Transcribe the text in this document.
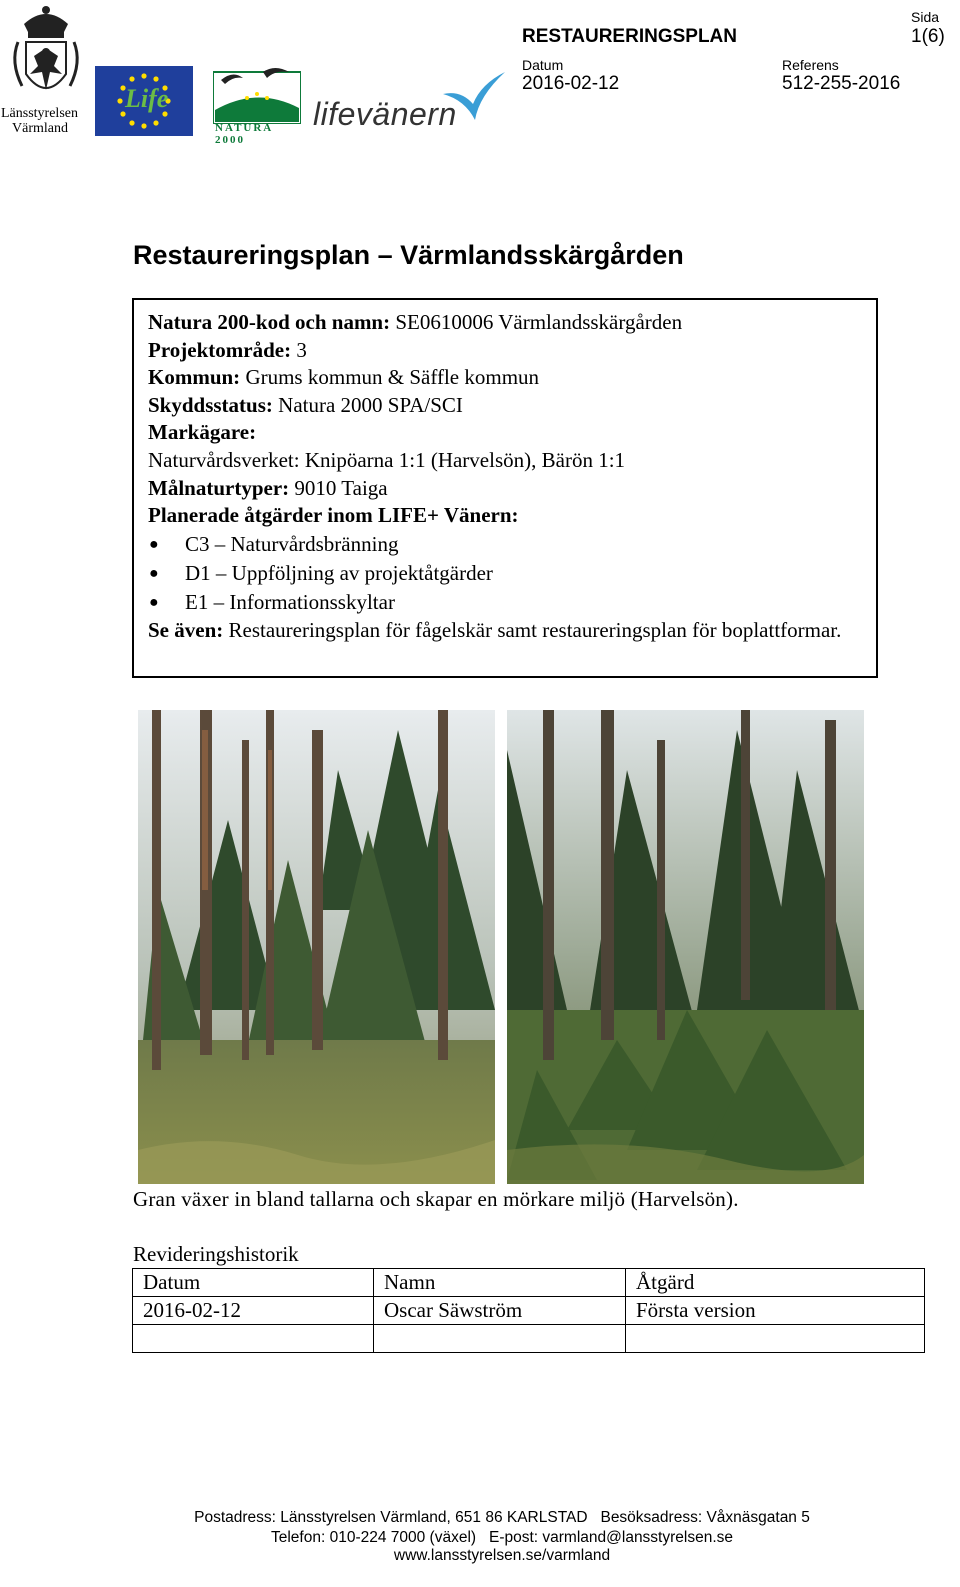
Länsstyrelsen
Värmland
Life
NATURA 2000
lifevänern
RESTAURERINGSPLAN
Sida
1(6)
Datum
2016-02-12
Referens
512-255-2016
Restaureringsplan – Värmlandsskärgården
Natura 200-kod och namn: SE0610006 Värmlandsskärgården
Projektområde: 3
Kommun: Grums kommun & Säffle kommun
Skyddsstatus: Natura 2000 SPA/SCI
Markägare:
Naturvårdsverket: Knipöarna 1:1 (Harvelsön), Bärön 1:1
Målnaturtyper: 9010 Taiga
Planerade åtgärder inom LIFE+ Vänern:
●	C3 – Naturvårdsbränning
●	D1 – Uppföljning av projektåtgärder
●	E1 – Informationsskyltar
Se även: Restaureringsplan för fågelskär samt restaureringsplan för boplattformar.
Gran växer in bland tallarna och skapar en mörkare miljö (Harvelsön).
Revideringshistorik
Datum	Namn	Åtgärd
2016-02-12	Oscar Säwström	Första version

Postadress: Länsstyrelsen Värmland, 651 86 KARLSTAD   Besöksadress: Våxnäsgatan 5
Telefon: 010-224 7000 (växel)   E-post: varmland@lansstyrelsen.se
www.lansstyrelsen.se/varmland
